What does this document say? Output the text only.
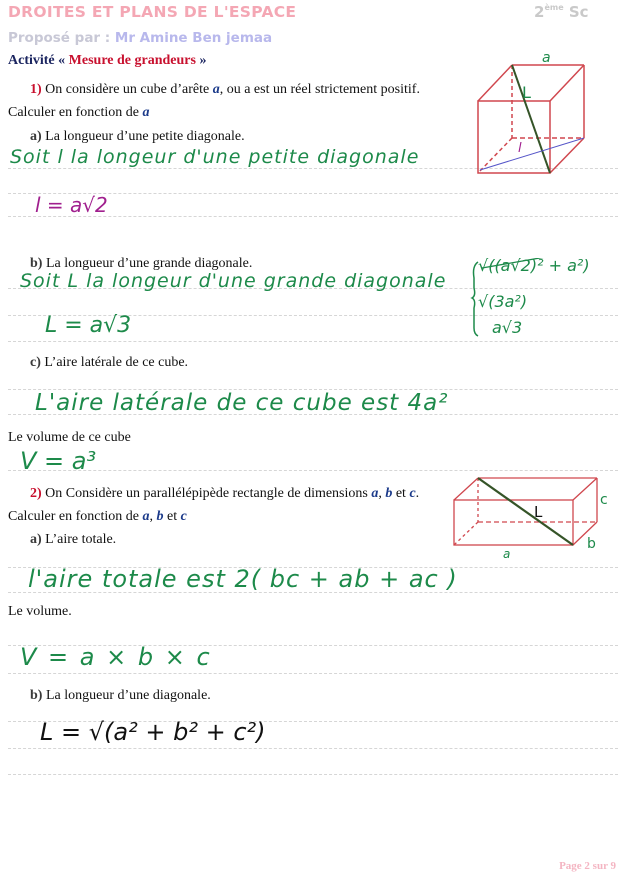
DROITES ET PLANS DE L'ESPACE	2ème Sc
Proposé par : Mr Amine Ben jemaa
Activité « Mesure de grandeurs »
1) On considère un cube d’arête a, ou a est un réel strictement positif.
Calculer en fonction de a
a) La longueur d’une petite diagonale.
Soit l la longeur d'une petite diagonale
l = a√2
b) La longueur d’une grande diagonale.
Soit L la longeur d'une grande diagonale
L = a√3
√((a√2)² + a²)
√(3a²)
a√3
c) L’aire latérale de ce cube.
L'aire latérale de ce cube est 4a²
Le volume de ce cube
V = a³
a
L
l
2) On Considère un parallélépipède rectangle de dimensions a, b et c.
Calculer en fonction de a, b et c
a) L’aire totale.
l'aire totale est 2( bc + ab + ac )
Le volume.
V = a × b × c
b) La longueur d’une diagonale.
L = √(a² + b² + c²)
L
c
b
a
Page 2 sur 9
